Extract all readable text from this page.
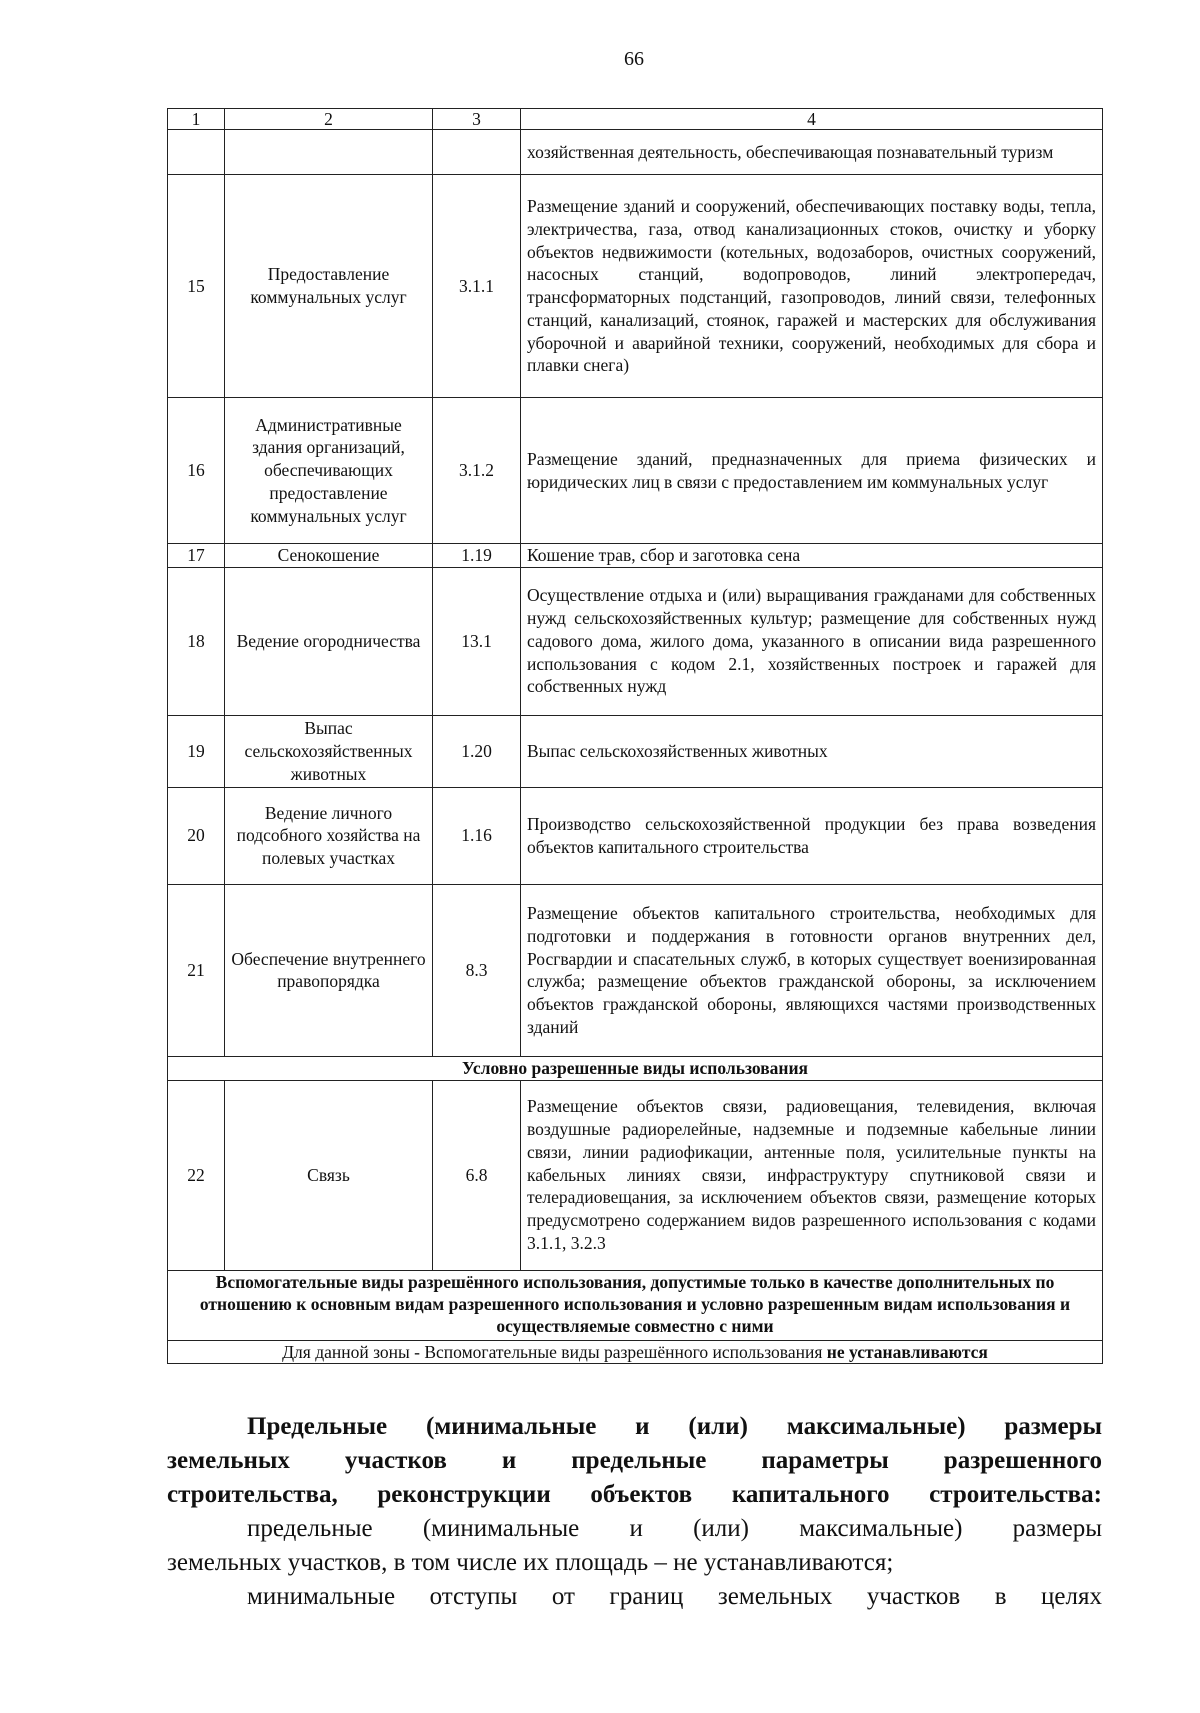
66
1	2	3	4
			хозяйственная деятельность, обеспечивающая познавательный туризм
15	Предоставление коммунальных услуг	3.1.1	Размещение зданий и сооружений, обеспечивающих поставку воды, тепла, электричества, газа, отвод канализационных стоков, очистку и уборку объектов недвижимости (котельных, водозаборов, очистных сооружений, насосных станций, водопроводов, линий электропередач, трансформаторных подстанций, газопроводов, линий связи, телефонных станций, канализаций, стоянок, гаражей и мастерских для обслуживания уборочной и аварийной техники, сооружений, необходимых для сбора и плавки снега)
16	Административные здания организаций, обеспечивающих предоставление коммунальных услуг	3.1.2	Размещение зданий, предназначенных для приема физических и юридических лиц в связи с предоставлением им коммунальных услуг
17	Сенокошение	1.19	Кошение трав, сбор и заготовка сена
18	Ведение огородничества	13.1	Осуществление отдыха и (или) выращивания гражданами для собственных нужд сельскохозяйственных культур; размещение для собственных нужд садового дома, жилого дома, указанного в описании вида разрешенного использования с кодом 2.1, хозяйственных построек и гаражей для собственных нужд
19	Выпас сельскохозяйственных животных	1.20	Выпас сельскохозяйственных животных
20	Ведение личного подсобного хозяйства на полевых участках	1.16	Производство сельскохозяйственной продукции без права возведения объектов капитального строительства
21	Обеспечение внутреннего правопорядка	8.3	Размещение объектов капитального строительства, необходимых для подготовки и поддержания в готовности органов внутренних дел, Росгвардии и спасательных служб, в которых существует военизированная служба; размещение объектов гражданской обороны, за исключением объектов гражданской обороны, являющихся частями производственных зданий
Условно разрешенные виды использования			
22	Связь	6.8	Размещение объектов связи, радиовещания, телевидения, включая воздушные радиорелейные, надземные и подземные кабельные линии связи, линии радиофикации, антенные поля, усилительные пункты на кабельных линиях связи, инфраструктуру спутниковой связи и телерадиовещания, за исключением объектов связи, размещение которых предусмотрено содержанием видов разрешенного использования с кодами 3.1.1, 3.2.3
Вспомогательные виды разрешённого использования, допустимые только в качестве дополнительных по отношению к основным видам разрешенного использования и условно разрешенным видам использования и осуществляемые совместно с ними			
Для данной зоны - Вспомогательные виды разрешённого использования не устанавливаются			

Предельные (минимальные и (или) максимальные) размеры

земельных участков и предельные параметры разрешенного

строительства, реконструкции объектов капитального строительства:

предельные (минимальные и (или) максимальные) размеры

земельных участков, в том числе их площадь – не устанавливаются;

минимальные отступы от границ земельных участков в целях
